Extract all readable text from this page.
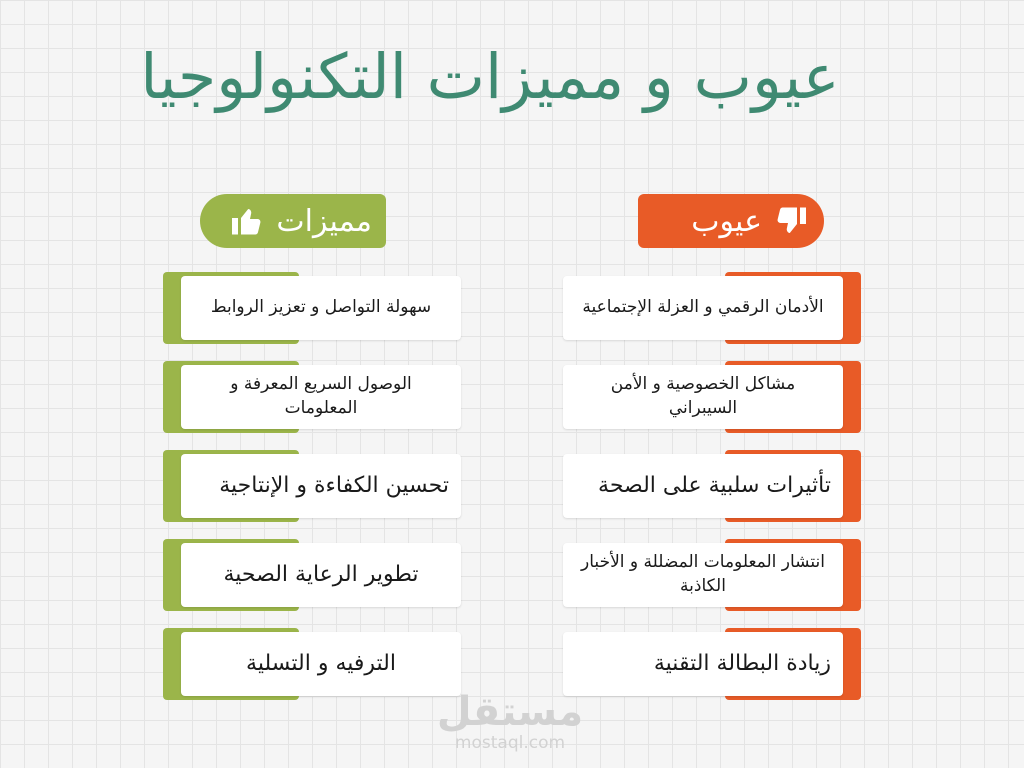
عيوب و مميزات التكنولوجيا
مميزات	عيوب
سهولة التواصل و تعزيز الروابط
الوصول السريع المعرفة و المعلومات
تحسين الكفاءة و الإنتاجية
تطوير الرعاية الصحية
الترفيه و التسلية
الأدمان الرقمي و العزلة الإجتماعية
مشاكل الخصوصية و الأمن السيبراني
تأثيرات سلبية على الصحة
انتشار المعلومات المضللة و الأخبار الكاذبة
زيادة البطالة التقنية
مستقل
mostaql.com
